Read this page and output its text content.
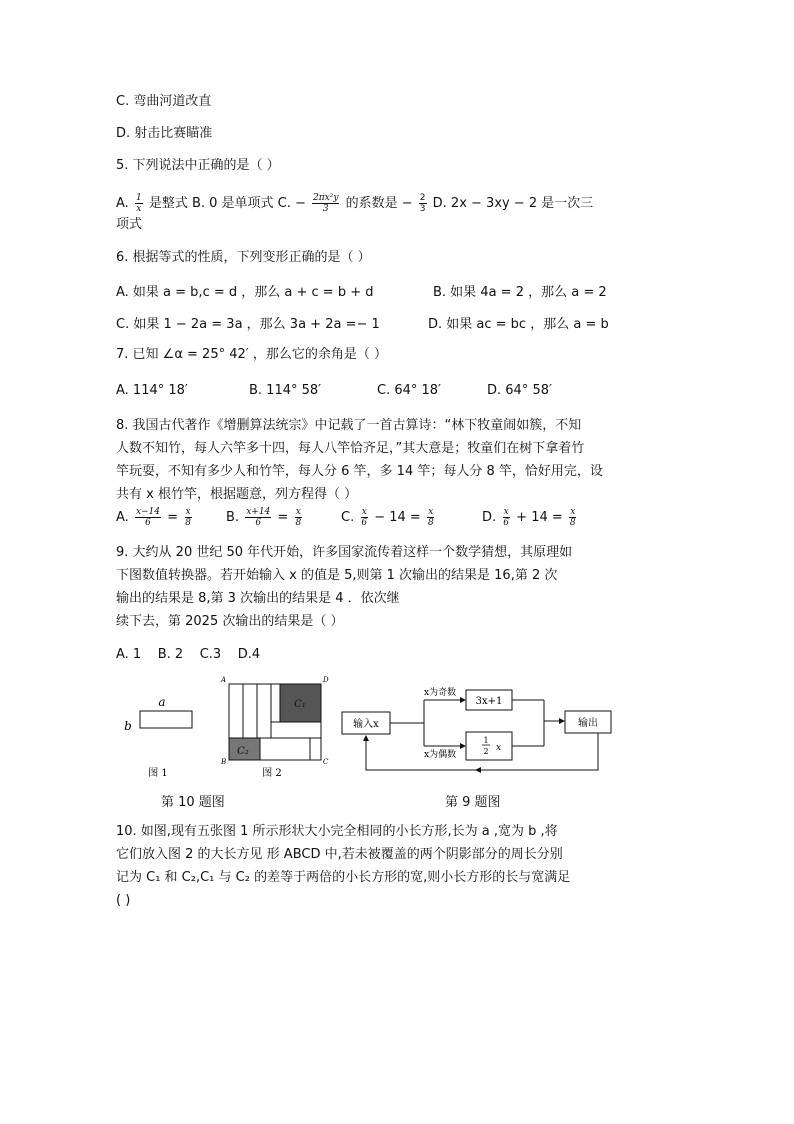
C. 弯曲河道改直
D. 射击比赛瞄准
5. 下列说法中正确的是（ ）
A. $\frac{1}{x}$ 是整式 B. 0 是单项式 C. − $\frac{\text{2πx²y}}{3}$ 的系数是 − $\frac{2}{3} D$. 2x − 3xy − 2 是一次三
项式
6. 根据等式的性质，下列变形正确的是（ ）
A. 如果 a = b,c = d ，那么 a + c = b + d	B. 如果 4a = 2 ，那么 a = 2
C. 如果 1 − 2a = 3a ，那么 3a + 2a =− 1	D. 如果 ac = bc ，那么 a = b
7. 已知 ∠α = 25° 42′ ，那么它的余角是（ ）
A. 114° 18′	B. 114° 58′	C. 64° 18′	D. 64° 58′
8. 我国古代著作《增删算法统宗》中记载了一首古算诗：“林下牧童闹如簇，不知
人数不知竹，每人六竿多十四，每人八竿恰齐足，”其大意是；牧童们在树下拿着竹
竿玩耍，不知有多少人和竹竿，每人分 6 竿，多 14 竿；每人分 8 竿，恰好用完，设
共有 x 根竹竿，根据题意，列方程得（ ）
A. $\frac{x-14}{6} = \frac{x}{8}$	B. $\frac{x+14}{6} = \frac{x}{8}$	C. $\frac{x}{6} - 14 = \frac{x}{8}$	D. $\frac{x}{6} + 14 = \frac{x}{8}$
9. 大约从 20 世纪 50 年代开始，许多国家流传着这样一个数学猜想，其原理如
下图数值转换器。若开始输入 x 的值是 5,则第 1 次输出的结果是 16,第 2 次
输出的结果是 8,第 3 次输出的结果是 4 ．依次继
续下去，第 2025 次输出的结果是（ ）
A. 1    B. 2    C.3    D.4
a
b
图 1
A
B	C
D
C₁
C₂
图 2
输入x
x为奇数
x为偶数
3x+1
1
2 x
输出
第 10 题图	第 9 题图
10. 如图,现有五张图 1 所示形状大小完全相同的小长方形,长为 a ,宽为 b ,将
它们放入图 2 的大长方见 形 ABCD 中,若未被覆盖的两个阴影部分的周长分别
记为 C₁ 和 C₂,C₁ 与 C₂ 的差等于两倍的小长方形的宽,则小长方形的长与宽满足
( )
